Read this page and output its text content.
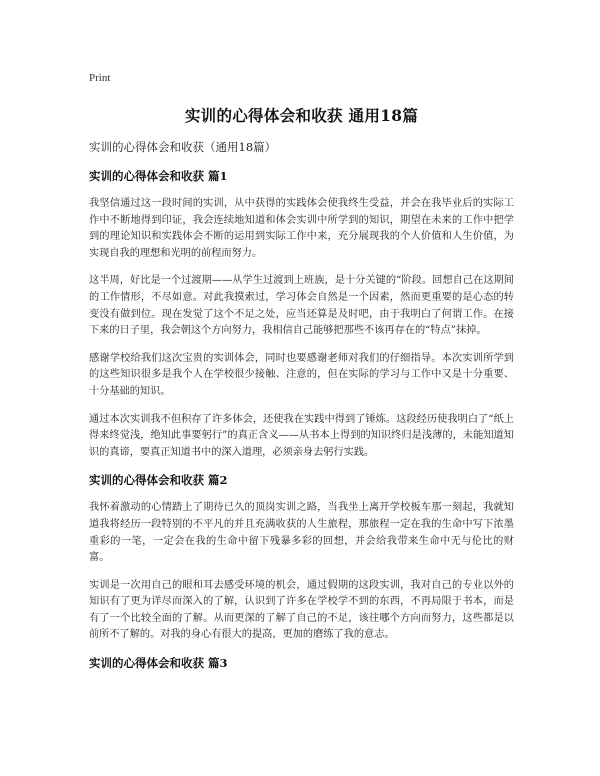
Print
实训的心得体会和收获 通用18篇
实训的心得体会和收获（通用18篇）
实训的心得体会和收获 篇1

我坚信通过这一段时间的实训，从中获得的实践体会使我终生受益，并会在我毕业后的实际工作中不断地得到印证，我会连续地知道和体会实训中所学到的知识，期望在未来的工作中把学到的理论知识和实践体会不断的运用到实际工作中来，充分展现我的个人价值和人生价值，为实现自我的理想和光明的前程而努力。

这半周，好比是一个过渡期——从学生过渡到上班族，是十分关键的“阶段。回想自己在这期间的工作情形，不尽如意。对此我摸索过，学习体会自然是一个因素，然而更重要的是心态的转变没有做到位。现在发觉了这个不足之处，应当还算是及时吧，由于我明白了何谓工作。在接下来的日子里，我会朝这个方向努力，我相信自己能够把那些不该再存在的“特点”抹掉。

感谢学校给我们这次宝贵的实训体会，同时也要感谢老师对我们的仔细指导。本次实训所学到的这些知识很多是我个人在学校很少接触、注意的，但在实际的学习与工作中又是十分重要、十分基础的知识。

通过本次实训我不但积存了许多体会，还使我在实践中得到了锤炼。这段经历使我明白了“纸上得来终觉浅，绝知此事要躬行”的真正含义——从书本上得到的知识终归是浅薄的，未能知道知识的真谛，要真正知道书中的深入道理，必须亲身去躬行实践。

实训的心得体会和收获 篇2

我怀着激动的心情踏上了期待已久的顶岗实训之路，当我坐上离开学校板车那一刻起，我就知道我将经历一段特别的不平凡的并且充满收获的人生旅程，那旅程一定在我的生命中写下浓墨重彩的一笔，一定会在我的生命中留下残暴多彩的回想，并会给我带来生命中无与伦比的财富。

实训是一次用自己的眼和耳去感受环境的机会，通过假期的这段实训，我对自己的专业以外的知识有了更为详尽而深入的了解，认识到了许多在学校学不到的东西，不再局限于书本，而是有了一个比较全面的了解。从而更深的了解了自己的不足，该往哪个方向而努力，这些都是以前所不了解的。对我的身心有很大的提高，更加的磨练了我的意志。

实训的心得体会和收获 篇3
